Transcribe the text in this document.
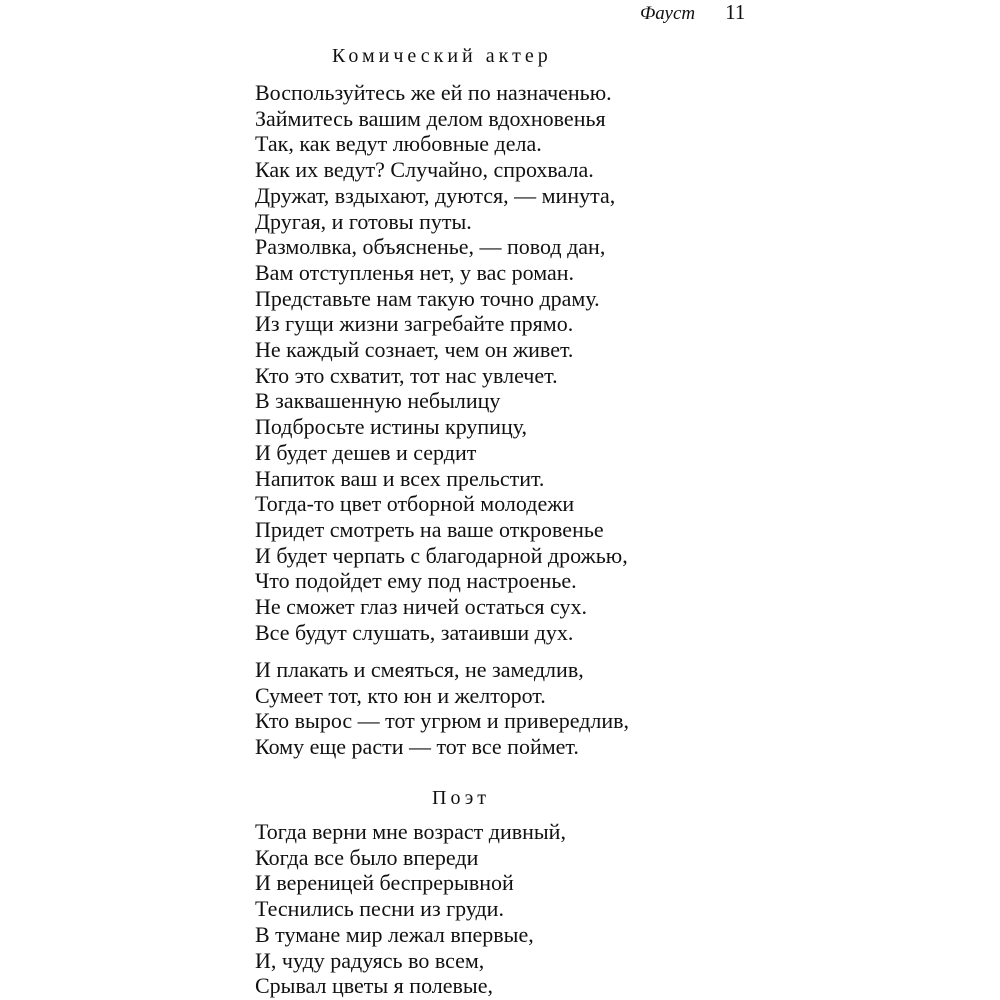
Фауст 11
Комический актер
Воспользуйтесь же ей по назначенью.
Займитесь вашим делом вдохновенья
Так, как ведут любовные дела.
Как их ведут? Случайно, спрохвала.
Дружат, вздыхают, дуются, — минута,
Другая, и готовы путы.
Размолвка, объясненье, — повод дан,
Вам отступленья нет, у вас роман.
Представьте нам такую точно драму.
Из гущи жизни загребайте прямо.
Не каждый сознает, чем он живет.
Кто это схватит, тот нас увлечет.
В заквашенную небылицу
Подбросьте истины крупицу,
И будет дешев и сердит
Напиток ваш и всех прельстит.
Тогда-то цвет отборной молодежи
Придет смотреть на ваше откровенье
И будет черпать с благодарной дрожью,
Что подойдет ему под настроенье.
Не сможет глаз ничей остаться сух.
Все будут слушать, затаивши дух.
И плакать и смеяться, не замедлив,
Сумеет тот, кто юн и желторот.
Кто вырос — тот угрюм и привередлив,
Кому еще расти — тот все поймет.
Поэт
Тогда верни мне возраст дивный,
Когда все было впереди
И вереницей беспрерывной
Теснились песни из груди.
В тумане мир лежал впервые,
И, чуду радуясь во всем,
Срывал цветы я полевые,
